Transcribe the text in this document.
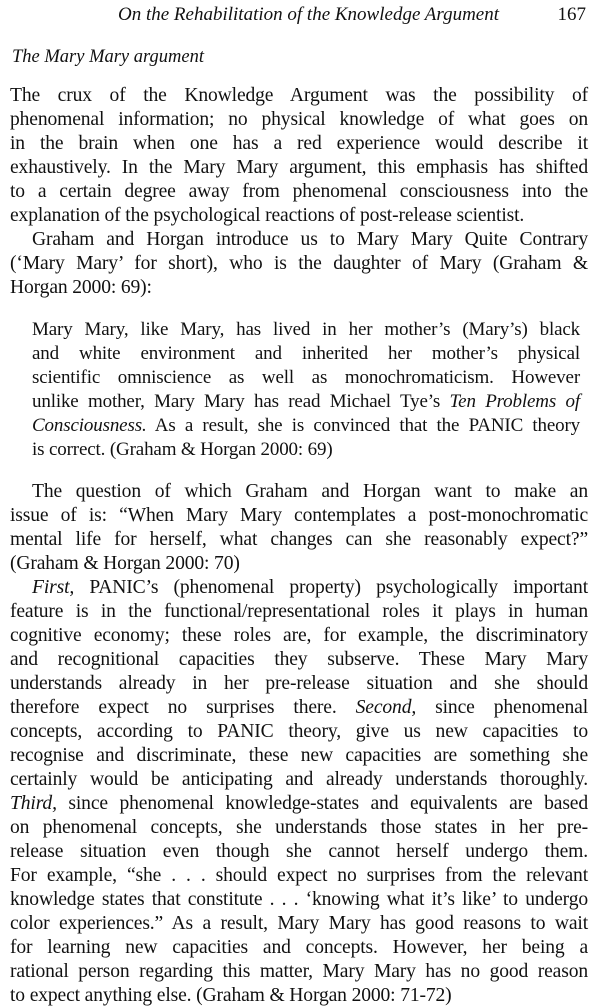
On the Rehabilitation of the Knowledge Argument	167
The Mary Mary argument
The crux of the Knowledge Argument was the possibility of
phenomenal information; no physical knowledge of what goes on
in the brain when one has a red experience would describe it
exhaustively. In the Mary Mary argument, this emphasis has shifted
to a certain degree away from phenomenal consciousness into the
explanation of the psychological reactions of post-release scientist.
Graham and Horgan introduce us to Mary Mary Quite Contrary
(‘Mary Mary’ for short), who is the daughter of Mary (Graham &
Horgan 2000: 69):
Mary Mary, like Mary, has lived in her mother’s (Mary’s) black
and white environment and inherited her mother’s physical
scientific omniscience as well as monochromaticism. However
unlike mother, Mary Mary has read Michael Tye’s Ten Problems of
Consciousness. As a result, she is convinced that the PANIC theory
is correct. (Graham & Horgan 2000: 69)
The question of which Graham and Horgan want to make an
issue of is: “When Mary Mary contemplates a post-monochromatic
mental life for herself, what changes can she reasonably expect?”
(Graham & Horgan 2000: 70)
First, PANIC’s (phenomenal property) psychologically important
feature is in the functional/representational roles it plays in human
cognitive economy; these roles are, for example, the discriminatory
and recognitional capacities they subserve. These Mary Mary
understands already in her pre-release situation and she should
therefore expect no surprises there. Second, since phenomenal
concepts, according to PANIC theory, give us new capacities to
recognise and discriminate, these new capacities are something she
certainly would be anticipating and already understands thoroughly.
Third, since phenomenal knowledge-states and equivalents are based
on phenomenal concepts, she understands those states in her pre-
release situation even though she cannot herself undergo them.
For example, “she . . . should expect no surprises from the relevant
knowledge states that constitute . . . ‘knowing what it’s like’ to undergo
color experiences.” As a result, Mary Mary has good reasons to wait
for learning new capacities and concepts. However, her being a
rational person regarding this matter, Mary Mary has no good reason
to expect anything else. (Graham & Horgan 2000: 71-72)
